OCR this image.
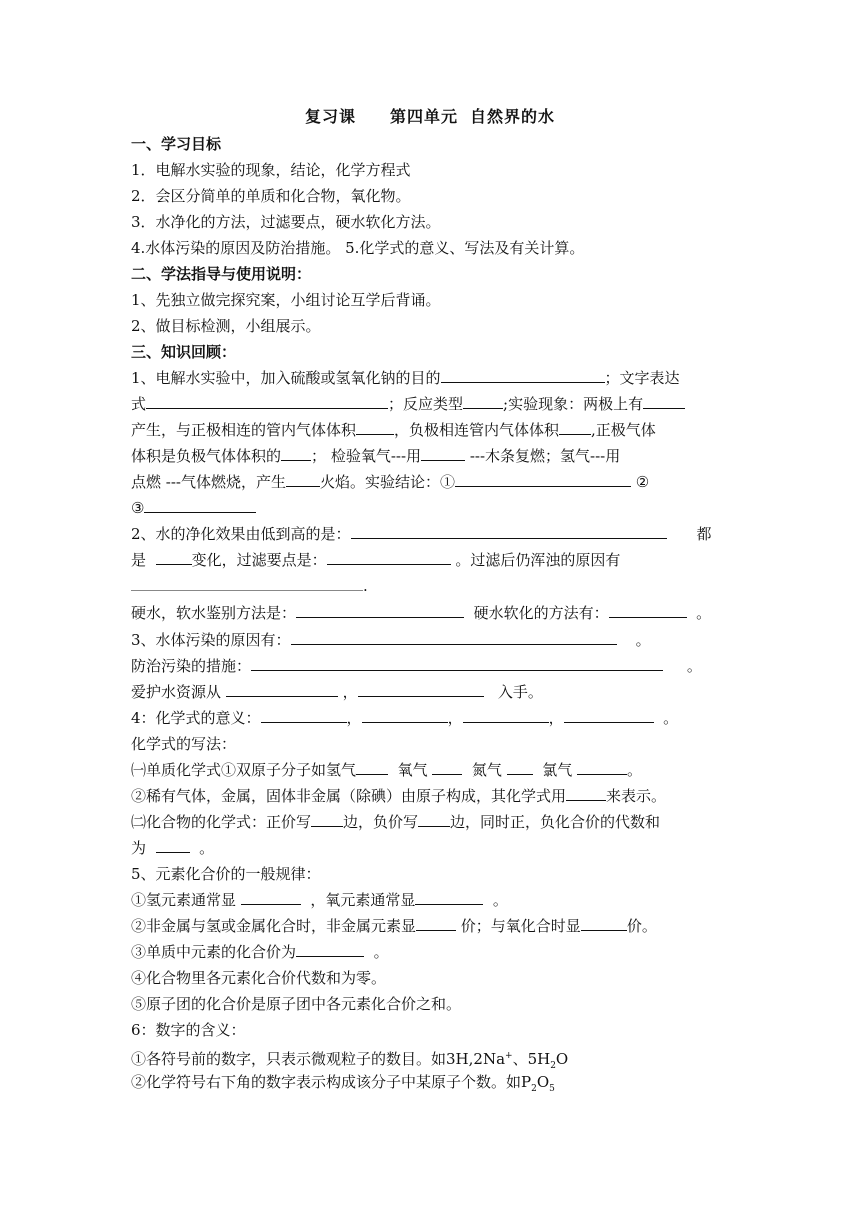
复习课 第四单元 自然界的水
一、学习目标
1．电解水实验的现象，结论，化学方程式
2．会区分简单的单质和化合物，氧化物。
3．水净化的方法，过滤要点，硬水软化方法。
4.水体污染的原因及防治措施。 5.化学式的意义、写法及有关计算。
二、学法指导与使用说明：
1、先独立做完探究案，小组讨论互学后背诵。
2、做目标检测，小组展示。
三、知识回顾：
1、电解水实验中，加入硫酸或氢氧化钠的目的	；文字表达
式	；反应类型	;实验现象：两极上有
产生，与正极相连的管内气体体积	，负极相连管内气体体积 ,正极气体
体积是负极气体体积的 ； 检验氧气---用	---木条复燃；氢气---用
点燃 ---气体燃烧，产生 火焰。实验结论：①	②
③
2、水的净化效果由低到高的是：	都
是	变化，过滤要点是：	。过滤后仍浑浊的原因有
.
硬水，软水鉴别方法是：	硬水软化的方法有：	。
3、水体污染的原因有：	。
防治污染的措施：	。
爱护水资源从	，	入手。
4：化学式的意义：	，	，	，	。
化学式的写法：
㈠单质化学式①双原子分子如氢气	氧气	氮气	氯气	。
②稀有气体，金属，固体非金属（除碘）由原子构成，其化学式用	来表示。
㈡化合物的化学式：正价写 边，负价写 边，同时正，负化合价的代数和
为	。
5、元素化合价的一般规律：
①氢元素通常显	，氧元素通常显	。
②非金属与氢或金属化合时，非金属元素显	价；与氧化合时显	价。
③单质中元素的化合价为	。
④化合物里各元素化合价代数和为零。
⑤原子团的化合价是原子团中各元素化合价之和。
6：数字的含义：
①各符号前的数字，只表示微观粒子的数目。如3H,2Na+、$5H_2O$
②化学符号右下角的数字表示构成该分子中某原子个数。如$P_2O_5$
